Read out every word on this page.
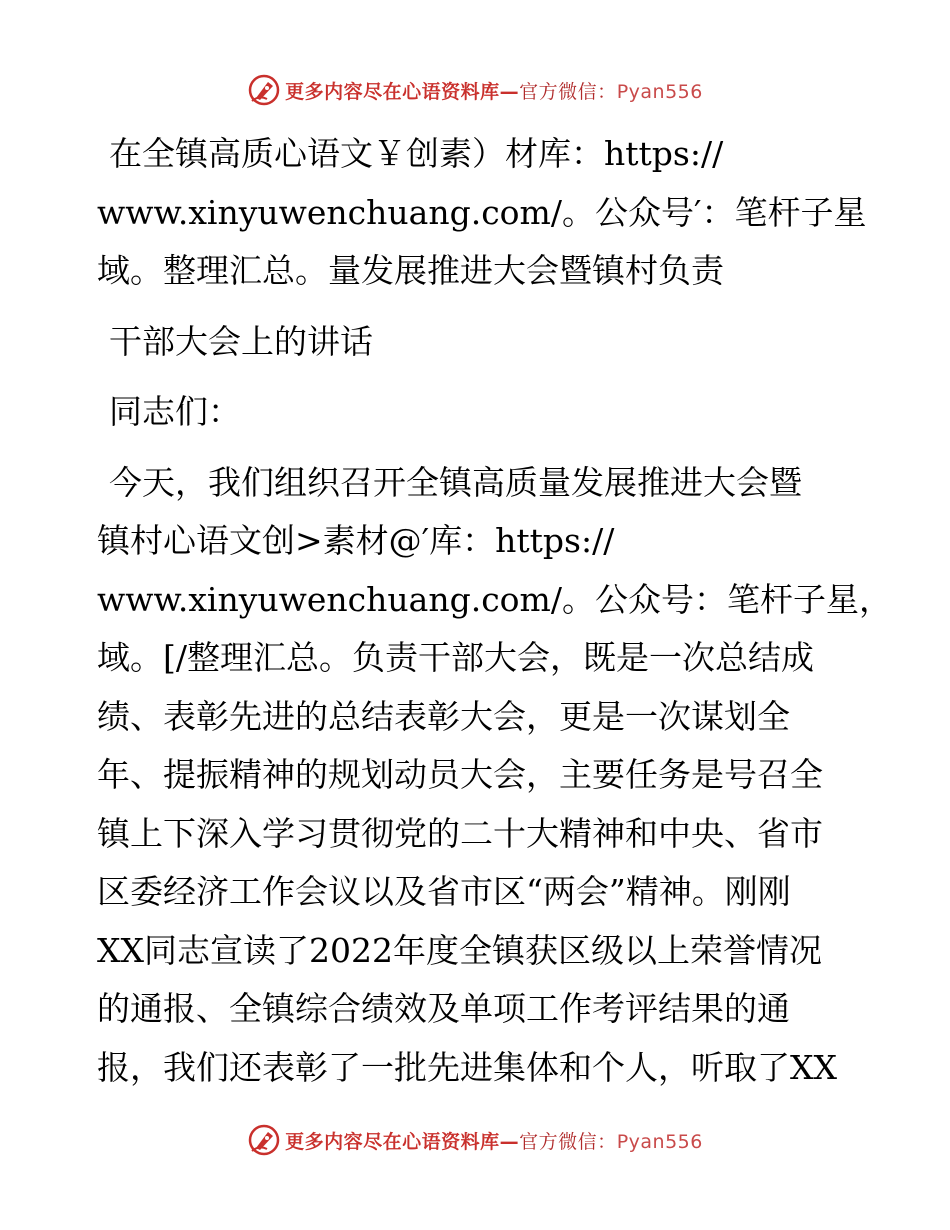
更多内容尽在心语资料库—官方微信：Pyan556

在全镇高质心语文￥创素）材库：https://
www.xinyuwenchuang.com/。公众号′：笔杆子星
域。整理汇总。量发展推进大会暨镇村负责

干部大会上的讲话

同志们：

今天，我们组织召开全镇高质量发展推进大会暨
镇村心语文创>素材@′库：https://
www.xinyuwenchuang.com/。公众号：笔杆子星，
域。[/整理汇总。负责干部大会，既是一次总结成
绩、表彰先进的总结表彰大会，更是一次谋划全
年、提振精神的规划动员大会，主要任务是号召全
镇上下深入学习贯彻党的二十大精神和中央、省市
区委经济工作会议以及省市区“两会”精神。刚刚
XX同志宣读了2022年度全镇获区级以上荣誉情况
的通报、全镇综合绩效及单项工作考评结果的通
报，我们还表彰了一批先进集体和个人，听取了XX

更多内容尽在心语资料库—官方微信：Pyan556
